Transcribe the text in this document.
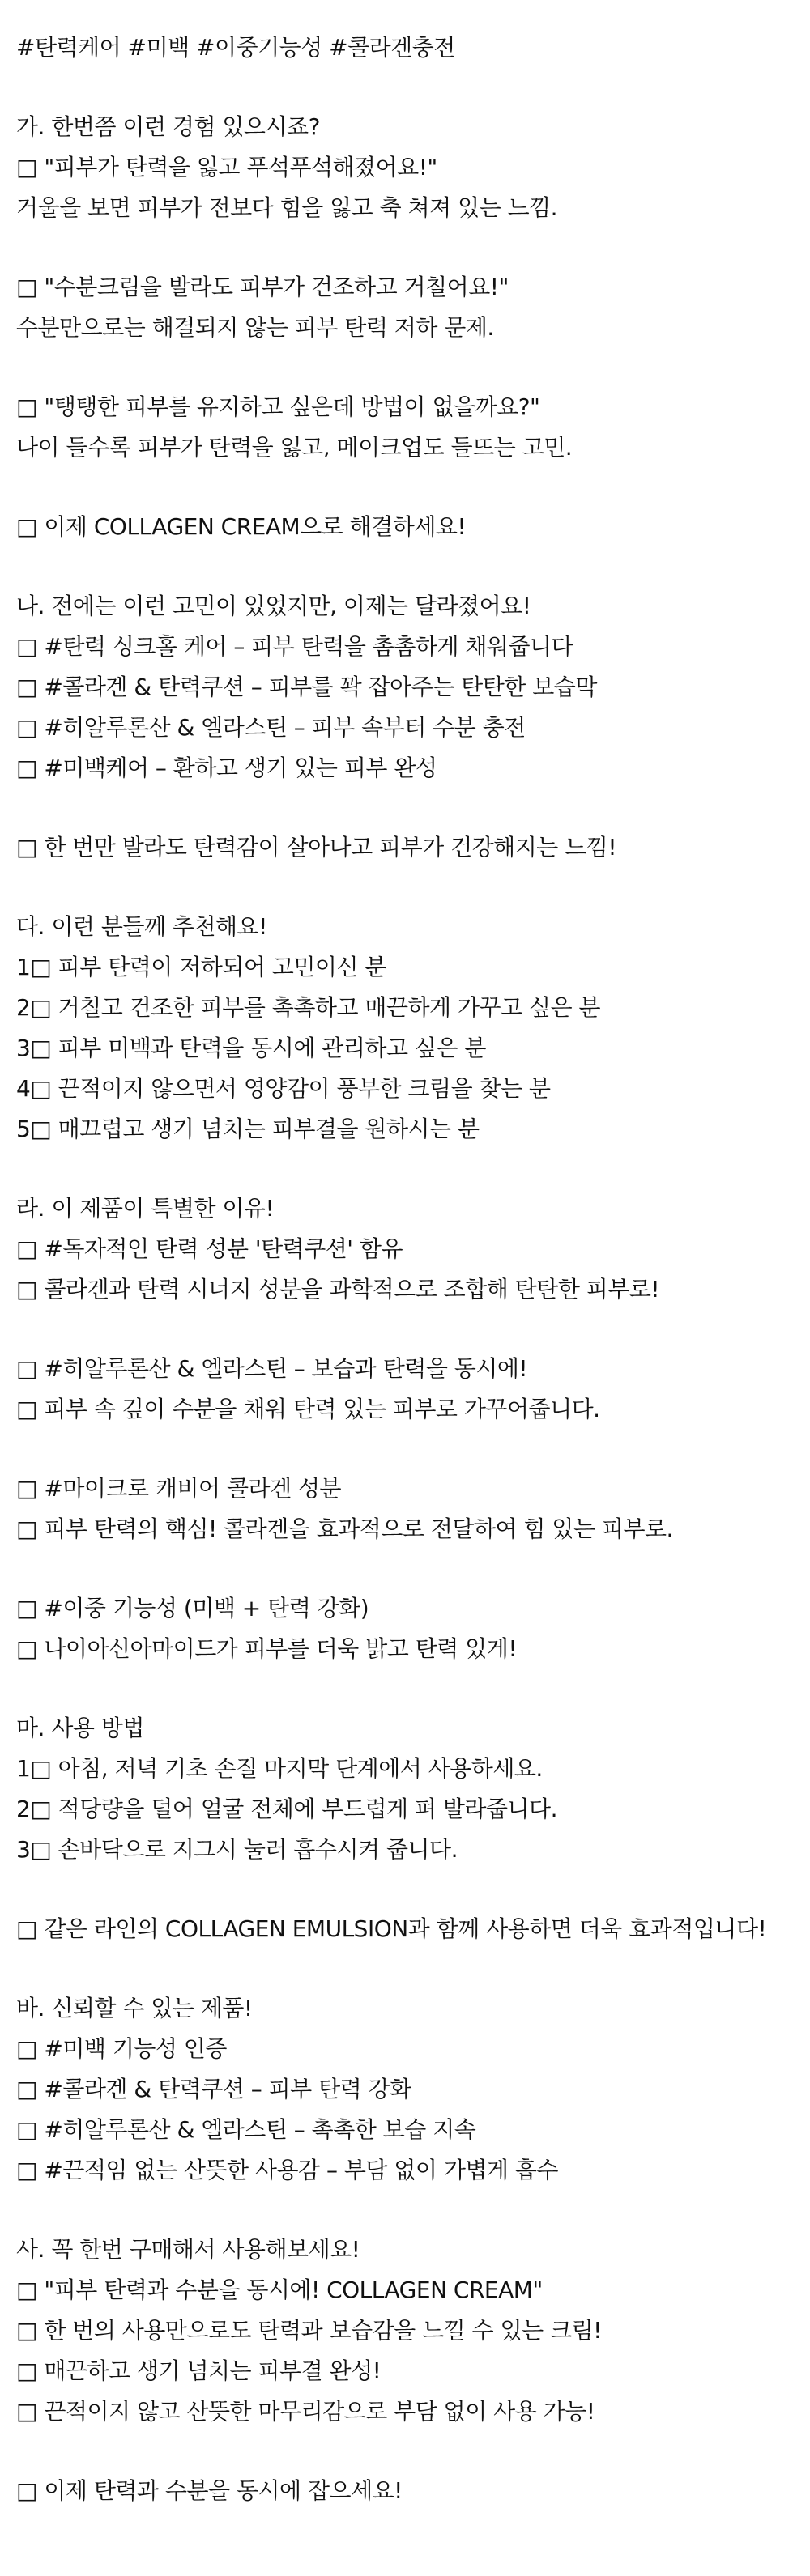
#탄력케어 #미백 #이중기능성 #콜라겐충전
가. 한번쯤 이런 경험 있으시죠?
□ "피부가 탄력을 잃고 푸석푸석해졌어요!"
거울을 보면 피부가 전보다 힘을 잃고 축 쳐져 있는 느낌.
□ "수분크림을 발라도 피부가 건조하고 거칠어요!"
수분만으로는 해결되지 않는 피부 탄력 저하 문제.
□ "탱탱한 피부를 유지하고 싶은데 방법이 없을까요?"
나이 들수록 피부가 탄력을 잃고, 메이크업도 들뜨는 고민.
□ 이제 COLLAGEN CREAM으로 해결하세요!
나. 전에는 이런 고민이 있었지만, 이제는 달라졌어요!
□ #탄력 싱크홀 케어 – 피부 탄력을 촘촘하게 채워줍니다
□ #콜라겐 & 탄력쿠션 – 피부를 꽉 잡아주는 탄탄한 보습막
□ #히알루론산 & 엘라스틴 – 피부 속부터 수분 충전
□ #미백케어 – 환하고 생기 있는 피부 완성
□ 한 번만 발라도 탄력감이 살아나고 피부가 건강해지는 느낌!
다. 이런 분들께 추천해요!
1□ 피부 탄력이 저하되어 고민이신 분
2□ 거칠고 건조한 피부를 촉촉하고 매끈하게 가꾸고 싶은 분
3□ 피부 미백과 탄력을 동시에 관리하고 싶은 분
4□ 끈적이지 않으면서 영양감이 풍부한 크림을 찾는 분
5□ 매끄럽고 생기 넘치는 피부결을 원하시는 분
라. 이 제품이 특별한 이유!
□ #독자적인 탄력 성분 '탄력쿠션' 함유
□ 콜라겐과 탄력 시너지 성분을 과학적으로 조합해 탄탄한 피부로!
□ #히알루론산 & 엘라스틴 – 보습과 탄력을 동시에!
□ 피부 속 깊이 수분을 채워 탄력 있는 피부로 가꾸어줍니다.
□ #마이크로 캐비어 콜라겐 성분
□ 피부 탄력의 핵심! 콜라겐을 효과적으로 전달하여 힘 있는 피부로.
□ #이중 기능성 (미백 + 탄력 강화)
□ 나이아신아마이드가 피부를 더욱 밝고 탄력 있게!
마. 사용 방법
1□ 아침, 저녁 기초 손질 마지막 단계에서 사용하세요.
2□ 적당량을 덜어 얼굴 전체에 부드럽게 펴 발라줍니다.
3□ 손바닥으로 지그시 눌러 흡수시켜 줍니다.
□ 같은 라인의 COLLAGEN EMULSION과 함께 사용하면 더욱 효과적입니다!
바. 신뢰할 수 있는 제품!
□ #미백 기능성 인증
□ #콜라겐 & 탄력쿠션 – 피부 탄력 강화
□ #히알루론산 & 엘라스틴 – 촉촉한 보습 지속
□ #끈적임 없는 산뜻한 사용감 – 부담 없이 가볍게 흡수
사. 꼭 한번 구매해서 사용해보세요!
□ "피부 탄력과 수분을 동시에! COLLAGEN CREAM"
□ 한 번의 사용만으로도 탄력과 보습감을 느낄 수 있는 크림!
□ 매끈하고 생기 넘치는 피부결 완성!
□ 끈적이지 않고 산뜻한 마무리감으로 부담 없이 사용 가능!
□ 이제 탄력과 수분을 동시에 잡으세요!
